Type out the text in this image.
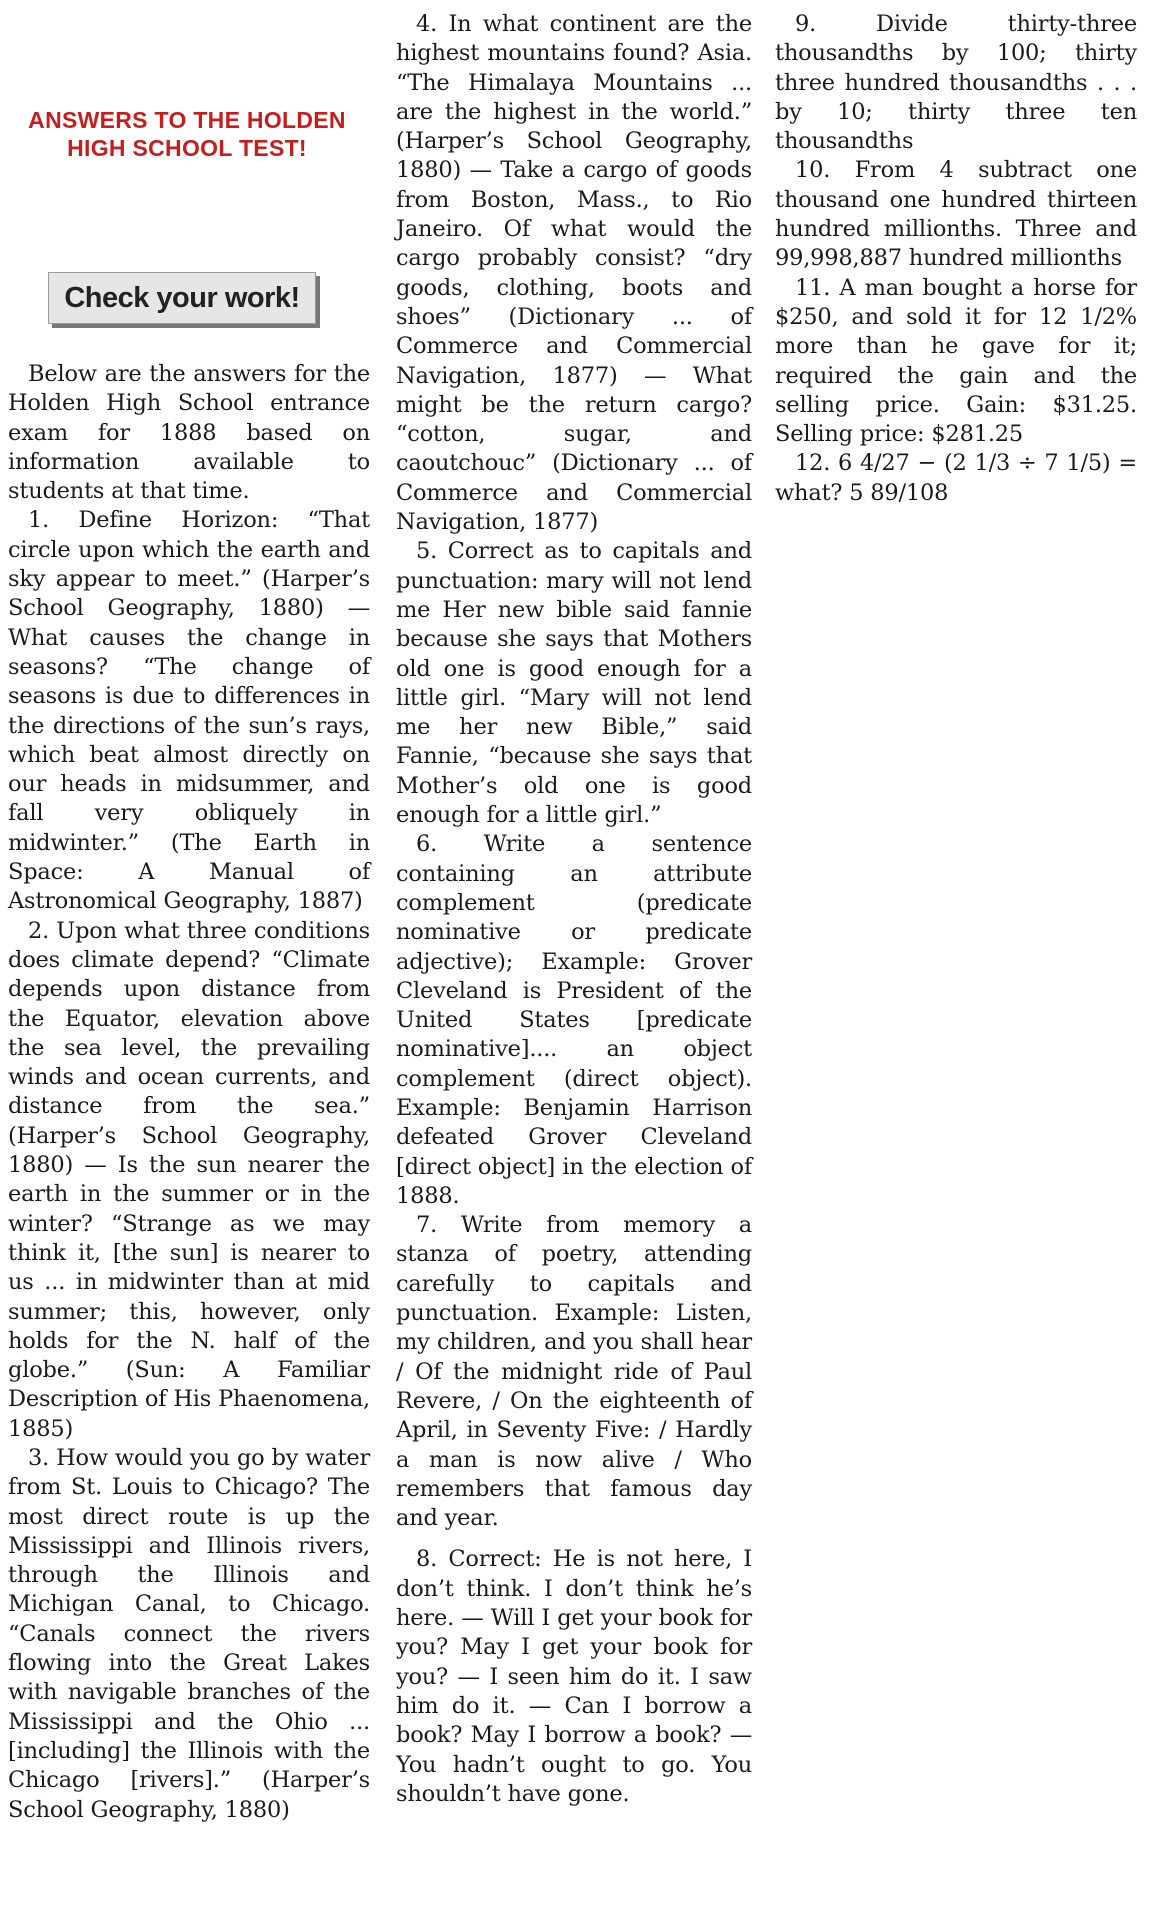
ANSWERS TO THE HOLDEN HIGH SCHOOL TEST!
Check your work!

Below are the answers for the Holden High School entrance exam for 1888 based on information available to students at that time.

1. Define Horizon: “That circle upon which the earth and sky appear to meet.” (Harper’s School Geography, 1880) — What causes the change in seasons? “The change of seasons is due to differences in the directions of the sun’s rays, which beat almost directly on our heads in midsummer, and fall very obliquely in midwinter.” (The Earth in Space: A Manual of Astronomical Geography, 1887)

2. Upon what three conditions does climate depend? “Climate depends upon distance from the Equator, elevation above the sea level, the prevailing winds and ocean currents, and distance from the sea.” (Harper’s School Geography, 1880) — Is the sun nearer the earth in the summer or in the winter? “Strange as we may think it, [the sun] is nearer to us ... in midwinter than at mid summer; this, however, only holds for the N. half of the globe.” (Sun: A Familiar Description of His Phaenomena, 1885)

3. How would you go by water from St. Louis to Chicago? The most direct route is up the Mississippi and Illinois rivers, through the Illinois and Michigan Canal, to Chicago. “Canals connect the rivers flowing into the Great Lakes with navigable branches of the Mississippi and the Ohio ... [including] the Illinois with the Chicago [rivers].” (Harper’s School Geography, 1880)

4. In what continent are the highest mountains found? Asia. “The Himalaya Mountains ... are the highest in the world.” (Harper’s School Geography, 1880) — Take a cargo of goods from Boston, Mass., to Rio Janeiro. Of what would the cargo probably consist? “dry goods, clothing, boots and shoes” (Dictionary ... of Commerce and Commercial Navigation, 1877) — What might be the return cargo? “cotton, sugar, and caoutchouc” (Dictionary ... of Commerce and Commercial Navigation, 1877)

5. Correct as to capitals and punctuation: mary will not lend me Her new bible said fannie because she says that Mothers old one is good enough for a little girl. “Mary will not lend me her new Bible,” said Fannie, “because she says that Mother’s old one is good enough for a little girl.”

6. Write a sentence containing an attribute complement (predicate nominative or predicate adjective); Example: Grover Cleveland is President of the United States [predicate nominative].... an object complement (direct object). Example: Benjamin Harrison defeated Grover Cleveland [direct object] in the election of 1888.

7. Write from memory a stanza of poetry, attending carefully to capitals and punctuation. Example: Listen, my children, and you shall hear / Of the midnight ride of Paul Revere, / On the eighteenth of April, in Seventy Five: / Hardly a man is now alive / Who remembers that famous day and year.

8. Correct: He is not here, I don’t think. I don’t think he’s here. — Will I get your book for you? May I get your book for you? — I seen him do it. I saw him do it. — Can I borrow a book? May I borrow a book? — You hadn’t ought to go. You shouldn’t have gone.

9. Divide thirty-three thousandths by 100; thirty three hundred thousandths . . . by 10; thirty three ten thousandths

10. From 4 subtract one thousand one hundred thirteen hundred millionths. Three and 99,998,887 hundred millionths

11. A man bought a horse for $250, and sold it for 12 1/2% more than he gave for it; required the gain and the selling price. Gain: $31.25. Selling price: $281.25

12. 6 4/27 − (2 1/3 ÷ 7 1/5) = what? 5 89/108
